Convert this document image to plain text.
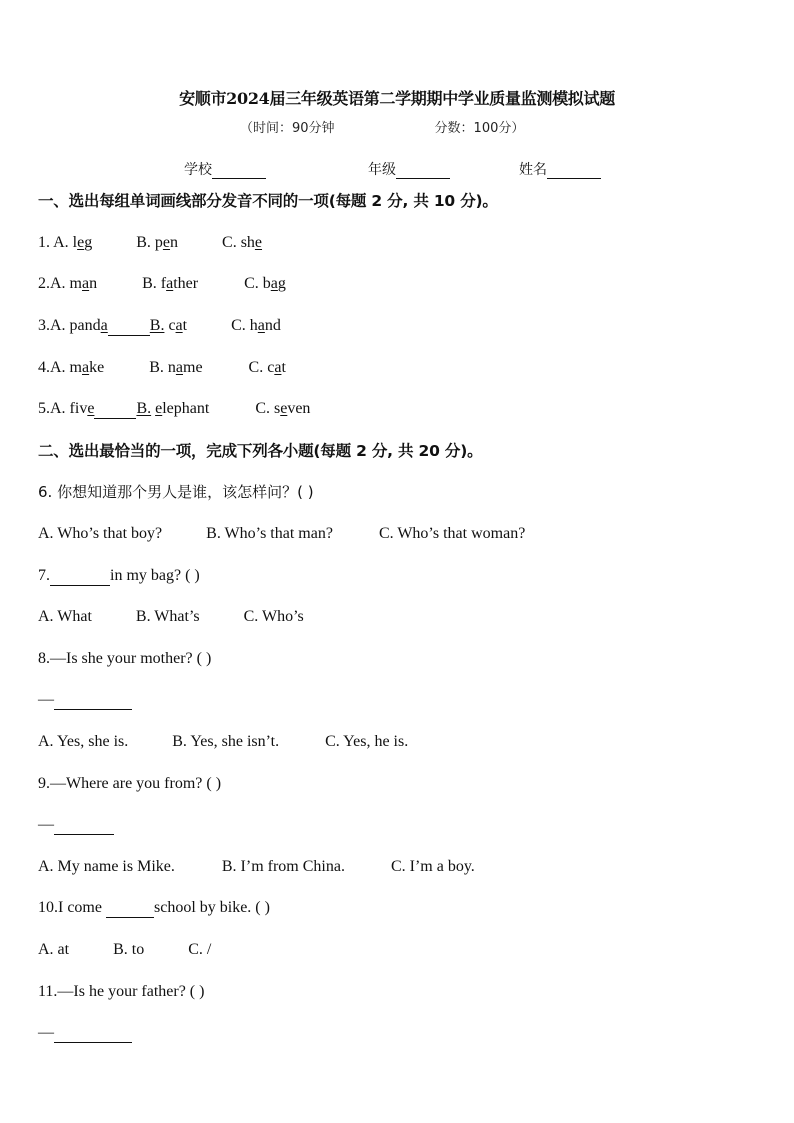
安顺市2024届三年级英语第二学期期中学业质量监测模拟试题
（时间：90分钟	分数：100分）
学校	年级	姓名
一、选出每组单词画线部分发音不同的一项(每题 2 分, 共 10 分)。
1. A. leg	B. pen	C. she
2.A. man	B. father	C. bag
3.A. panda	B. cat	C. hand
4.A. make	B. name	C. cat
5.A. five	B. elephant	C. seven
二、选出最恰当的一项，完成下列各小题(每题 2 分, 共 20 分)。
6. 你想知道那个男人是谁，该怎样问？( )
A. Who’s that boy?	B. Who’s that man?	C. Who’s that woman?
7.	in my bag? ( )
A. What	B. What’s	C. Who’s
8.—Is she your mother? ( )
—
A. Yes, she is.	B. Yes, she isn’t.	C. Yes, he is.
9.—Where are you from? ( )
—
A. My name is Mike.	B. I’m from China.	C. I’m a boy.
10.I come	school by bike. ( )
A. at	B. to	C. /
11.—Is he your father? ( )
—
